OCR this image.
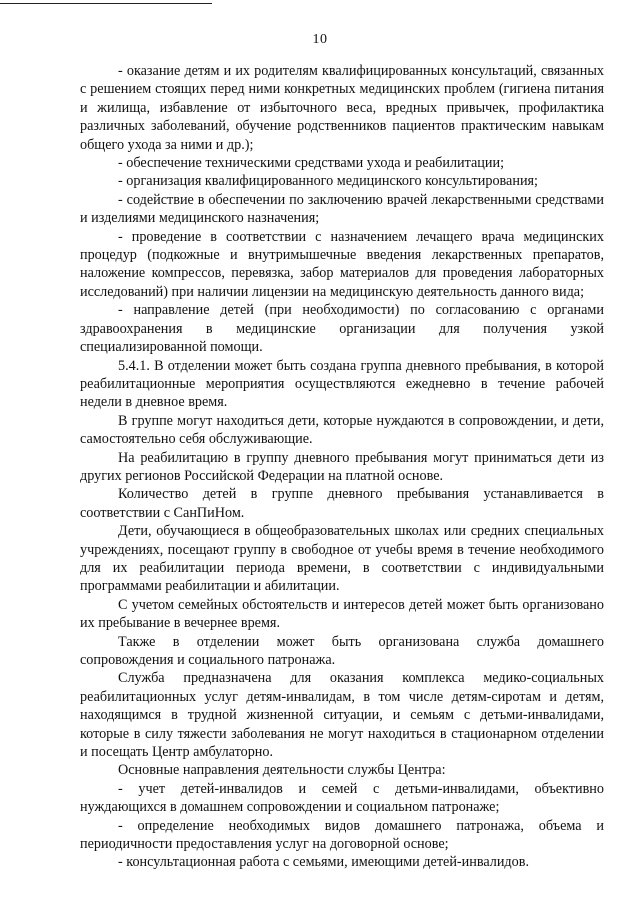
10

- оказание детям и их родителям квалифицированных консультаций, связанных с решением стоящих перед ними конкретных медицинских проблем (гигиена питания и жилища, избавление от избыточного веса, вредных привычек, профилактика различных заболеваний, обучение родственников пациентов практическим навыкам общего ухода за ними и др.);

- обеспечение техническими средствами ухода и реабилитации;

- организация квалифицированного медицинского консультирования;

- содействие в обеспечении по заключению врачей лекарственными средствами и изделиями медицинского назначения;

- проведение в соответствии с назначением лечащего врача медицинских процедур (подкожные и внутримышечные введения лекарственных препаратов, наложение компрессов, перевязка, забор материалов для проведения лабораторных исследований) при наличии лицензии на медицинскую деятельность данного вида;

- направление детей (при необходимости) по согласованию с органами здравоохранения в медицинские организации для получения узкой специализированной помощи.

5.4.1. В отделении может быть создана группа дневного пребывания, в которой реабилитационные мероприятия осуществляются ежедневно в течение рабочей недели в дневное время.

В группе могут находиться дети, которые нуждаются в сопровождении, и дети, самостоятельно себя обслуживающие.

На реабилитацию в группу дневного пребывания могут приниматься дети из других регионов Российской Федерации на платной основе.

Количество детей в группе дневного пребывания устанавливается в соответствии с СанПиНом.

Дети, обучающиеся в общеобразовательных школах или средних специальных учреждениях, посещают группу в свободное от учебы время в течение необходимого для их реабилитации периода времени, в соответствии с индивидуальными программами реабилитации и абилитации.

С учетом семейных обстоятельств и интересов детей может быть организовано их пребывание в вечернее время.

Также в отделении может быть организована служба домашнего сопровождения и социального патронажа.

Служба предназначена для оказания комплекса медико-социальных реабилитационных услуг детям-инвалидам, в том числе детям-сиротам и детям, находящимся в трудной жизненной ситуации, и семьям с детьми-инвалидами, которые в силу тяжести заболевания не могут находиться в стационарном отделении и посещать Центр амбулаторно.

Основные направления деятельности службы Центра:

- учет детей-инвалидов и семей с детьми-инвалидами, объективно нуждающихся в домашнем сопровождении и социальном патронаже;

- определение необходимых видов домашнего патронажа, объема и периодичности предоставления услуг на договорной основе;

- консультационная работа с семьями, имеющими детей-инвалидов.
